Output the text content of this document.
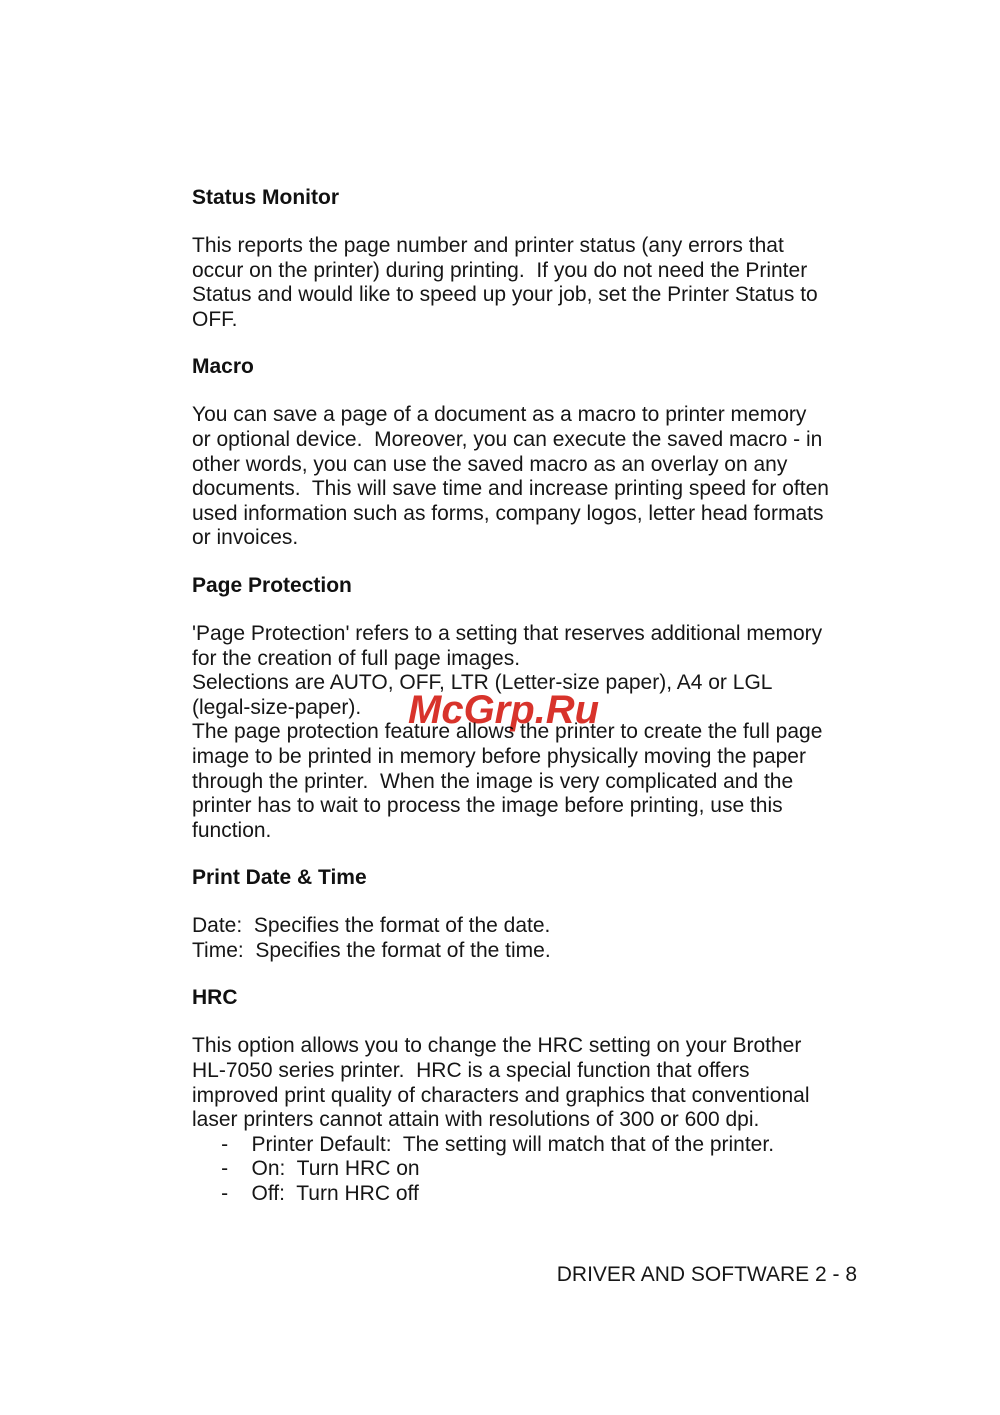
Status Monitor
This reports the page number and printer status (any errors that
occur on the printer) during printing.  If you do not need the Printer
Status and would like to speed up your job, set the Printer Status to
OFF.
Macro
You can save a page of a document as a macro to printer memory
or optional device.  Moreover, you can execute the saved macro - in
other words, you can use the saved macro as an overlay on any
documents.  This will save time and increase printing speed for often
used information such as forms, company logos, letter head formats
or invoices.
Page Protection
'Page Protection' refers to a setting that reserves additional memory
for the creation of full page images.
Selections are AUTO, OFF, LTR (Letter-size paper), A4 or LGL
(legal-size-paper).
The page protection feature allows the printer to create the full page
image to be printed in memory before physically moving the paper
through the printer.  When the image is very complicated and the
printer has to wait to process the image before printing, use this
function.
Print Date & Time
Date:  Specifies the format of the date.
Time:  Specifies the format of the time.
HRC
This option allows you to change the HRC setting on your Brother
HL-7050 series printer.  HRC is a special function that offers
improved print quality of characters and graphics that conventional
laser printers cannot attain with resolutions of 300 or 600 dpi.
-    Printer Default:  The setting will match that of the printer.
-    On:  Turn HRC on
-    Off:  Turn HRC off
McGrp.Ru
DRIVER AND SOFTWARE 2 - 8
